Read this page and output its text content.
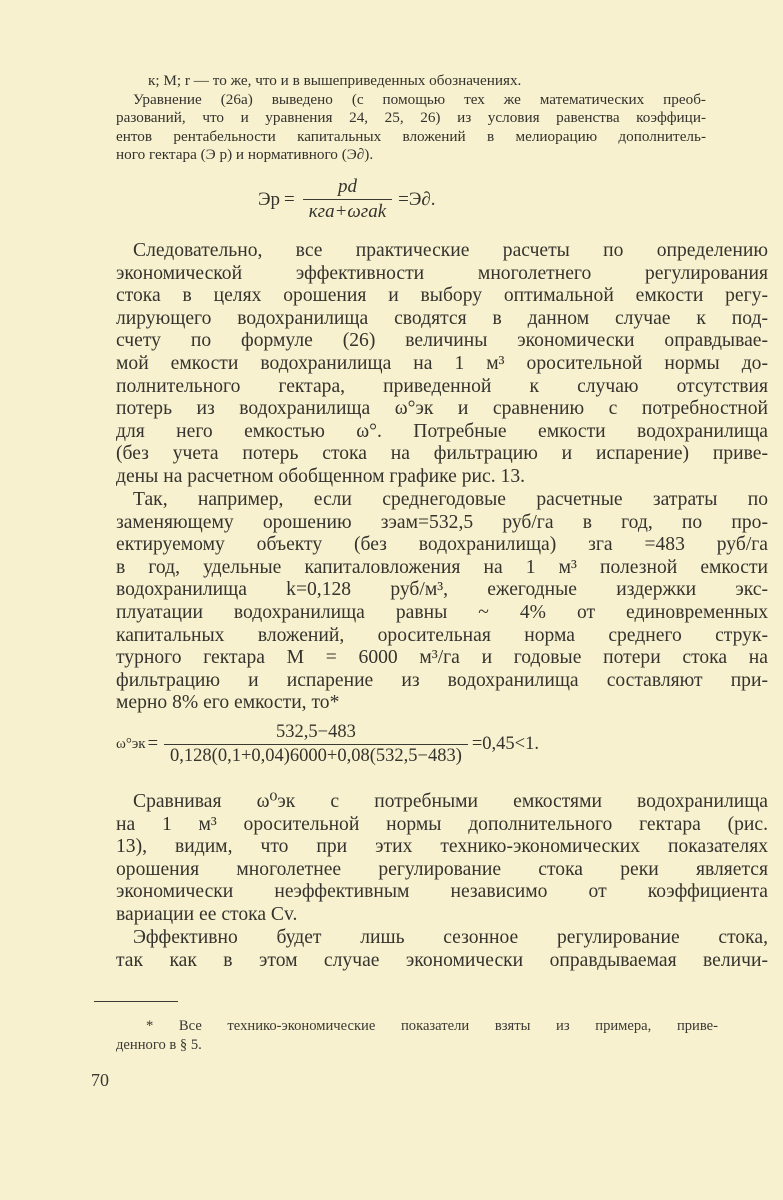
к; М; r — то же, что и в вышеприведенных обозначениях.
Уравнение (26а) выведено (с помощью тех же математических преоб-
разований, что и уравнения 24, 25, 26) из условия равенства коэффици-
ентов рентабельности капитальных вложений в мелиорацию дополнитель-
ного гектара (Э р) и нормативного (Э∂).
Эp = $\frac{pd}{\text{кгa+ωгak}} = Э\partial$.
Следовательно, все практические расчеты по определению
экономической эффективности многолетнего регулирования
стока в целях орошения и выбору оптимальной емкости регу-
лирующего водохранилища сводятся в данном случае к под-
счету по формуле (26) величины экономически оправдывае-
мой емкости водохранилища на 1 м³ оросительной нормы до-
полнительного гектара, приведенной к случаю отсутствия
потерь из водохранилища ω°эк и сравнению с потребностной
для него емкостью ω°. Потребные емкости водохранилища
(без учета потерь стока на фильтрацию и испарение) приве-
дены на расчетном обобщенном графике рис. 13.
Так, например, если среднегодовые расчетные затраты по
заменяющему орошению зэам=532,5 руб/га в год, по про-
ектируемому объекту (без водохранилища) зга =483 руб/га
в год, удельные капиталовложения на 1 м³ полезной емкости
водохранилища k=0,128 руб/м³, ежегодные издержки экс-
плуатации водохранилища равны ~ 4% от единовременных
капитальных вложений, оросительная норма среднего струк-
турного гектара М = 6000 м³/га и годовые потери стока на
фильтрацию и испарение из водохранилища составляют при-
мерно 8% его емкости, то*
$\omega^\circ эк = \frac{532,5-483}{0,128(0,1+0,04)6000+0,08(532,5-483)} =0,45<1$.
Сравнивая ω⁰эк с потребными емкостями водохранилища
на 1 м³ оросительной нормы дополнительного гектара (рис.
13), видим, что при этих технико-экономических показателях
орошения многолетнее регулирование стока реки является
экономически неэффективным независимо от коэффициента
вариации ее стока Cv.
Эффективно будет лишь сезонное регулирование стока,
так как в этом случае экономически оправдываемая величи-
* Все технико-экономические показатели взяты из примера, приве-
денного в § 5.
70
